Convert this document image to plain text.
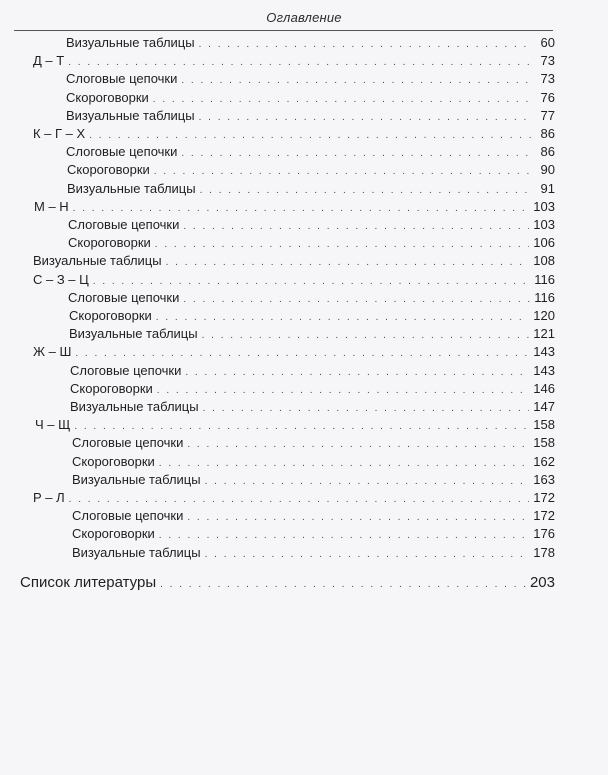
Оглавление
Визуальные таблицы . . .	60
Д – Т . . .	73
Слоговые цепочки . . .	73
Скороговорки . . .	76
Визуальные таблицы . . .	77
К – Г – Х . . .	86
Слоговые цепочки . . .	86
Скороговорки . . .	90
Визуальные таблицы . . .	91
М – Н . . .	103
Слоговые цепочки . . .	103
Скороговорки . . .	106
Визуальные таблицы . . .	108
С – З – Ц . . .	116
Слоговые цепочки . . .	116
Скороговорки . . .	120
Визуальные таблицы . . .	121
Ж – Ш . . .	143
Слоговые цепочки . . .	143
Скороговорки . . .	146
Визуальные таблицы . . .	147
Ч – Щ . . .	158
Слоговые цепочки . . .	158
Скороговорки . . .	162
Визуальные таблицы . . .	163
Р – Л . . .	172
Слоговые цепочки . . .	172
Скороговорки . . .	176
Визуальные таблицы . . .	178
Список литературы . . .	203
